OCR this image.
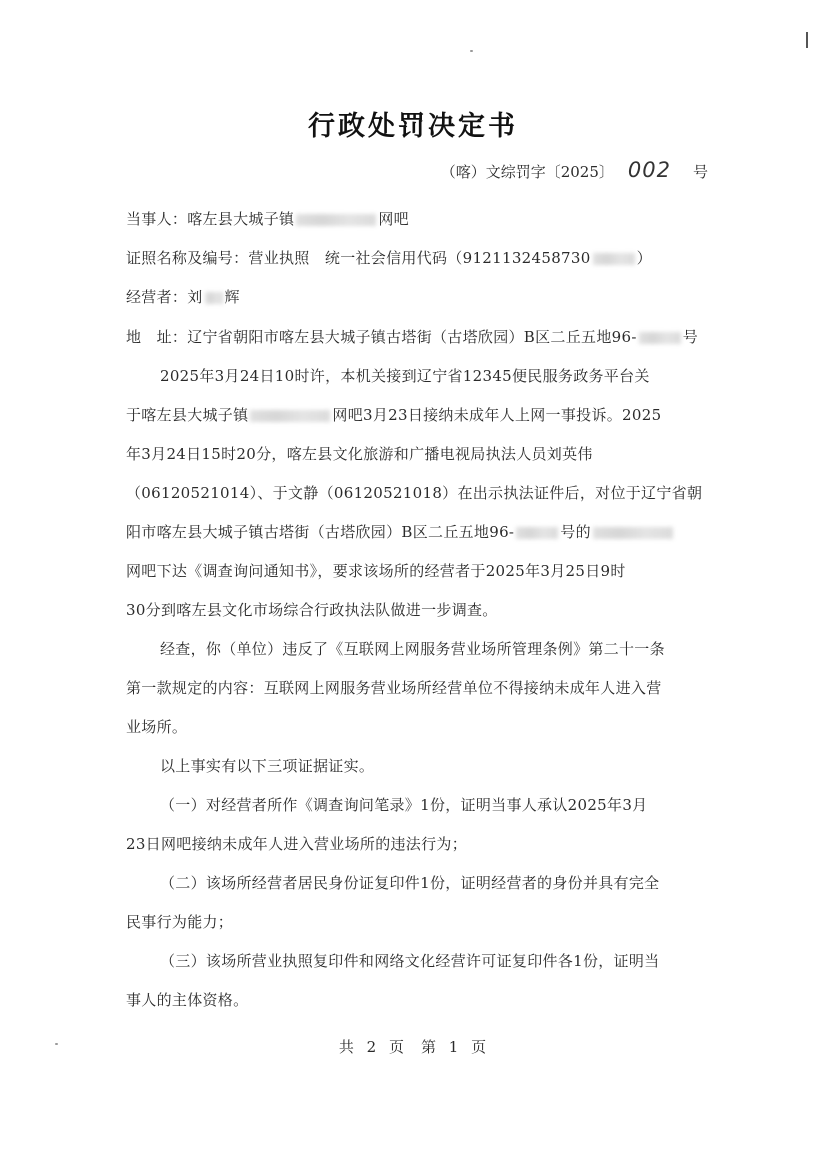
行政处罚决定书
（喀）文综罚字〔2025〕 002 号
当事人：喀左县大城子镇	网吧
证照名称及编号：营业执照　统一社会信用代码（9121132458730	）
经营者：刘 辉
地　址：辽宁省朝阳市喀左县大城子镇古塔街（古塔欣园）B区二丘五地96-	号
2025年3月24日10时许，本机关接到辽宁省12345便民服务政务平台关
于喀左县大城子镇	网吧3月23日接纳未成年人上网一事投诉。2025
年3月24日15时20分，喀左县文化旅游和广播电视局执法人员刘英伟
（06120521014）、于文静（06120521018）在出示执法证件后，对位于辽宁省朝
阳市喀左县大城子镇古塔街（古塔欣园）B区二丘五地96-	号的
网吧下达《调查询问通知书》，要求该场所的经营者于2025年3月25日9时
30分到喀左县文化市场综合行政执法队做进一步调查。
经查，你（单位）违反了《互联网上网服务营业场所管理条例》第二十一条
第一款规定的内容：互联网上网服务营业场所经营单位不得接纳未成年人进入营
业场所。
以上事实有以下三项证据证实。
（一）对经营者所作《调查询问笔录》1份，证明当事人承认2025年3月
23日网吧接纳未成年人进入营业场所的违法行为；
（二）该场所经营者居民身份证复印件1份，证明经营者的身份并具有完全
民事行为能力；
（三）该场所营业执照复印件和网络文化经营许可证复印件各1份，证明当
事人的主体资格。
共 2 页　第 1 页
